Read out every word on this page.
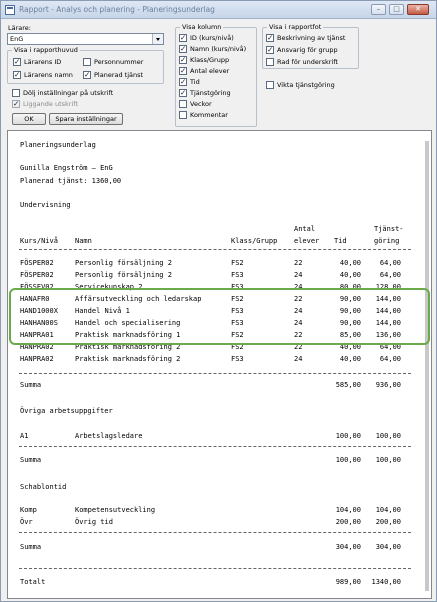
Rapport - Analys och planering - Planeringsunderlag	–	□	✕
Lärare:
EnG
Visa i rapporthuvud
✓Lärarens ID	Personnummer
✓Lärarens namn
✓	Planerad tjänst
Dölj inställningar på utskrift
✓Liggande utskrift
OK	Spara inställningar
Visa kolumn
✓ID (kurs/nivå)
✓Namn (kurs/nivå)
✓Klass/Grupp
✓Antal elever
✓Tid
✓Tjänstgöring
Veckor
Kommentar
Visa i rapportfot
✓Beskrivning av tjänst
✓Ansvarig för grupp
Rad för underskrift
Vikta tjänstgöring
Planeringsunderlag
Gunilla Engström – EnG
Planerad tjänst: 1360,00
Undervisning
Antal	Tjänst-
Kurs/Nivå Namn	Klass/Grupp elever Tid	göring
FÖSPER02	Personlig försäljning 2	FS2	22	40,00	64,00
FÖSPER02	Personlig försäljning 2	FS3	24	40,00	64,00
FÖSSEV02	Servicekunskap 2	FS3	24	80,00	128,00
HANAFR0	Affärsutveckling och ledarskap	FS2	22	90,00	144,00
HAND1000X Handel Nivå 1	FS3	24	90,00	144,00
HANHAN00S Handel och specialisering	FS3	24	90,00	144,00
HANPRA01	Praktisk marknadsföring 1	FS2	22	85,00	136,00
HANPRA02	Praktisk marknadsföring 2	FS2	22	40,00	64,00
HANPRA02	Praktisk marknadsföring 2	FS3	24	40,00	64,00
Summa	585,00	936,00
Övriga arbetsuppgifter
A1	Arbetslagsledare	100,00	100,00
Summa	100,00	100,00
Schablontid
Komp	Kompetensutveckling	104,00	104,00
Övr	Övrig tid	200,00	200,00
Summa	304,00	304,00
Totalt	989,00	1340,00
